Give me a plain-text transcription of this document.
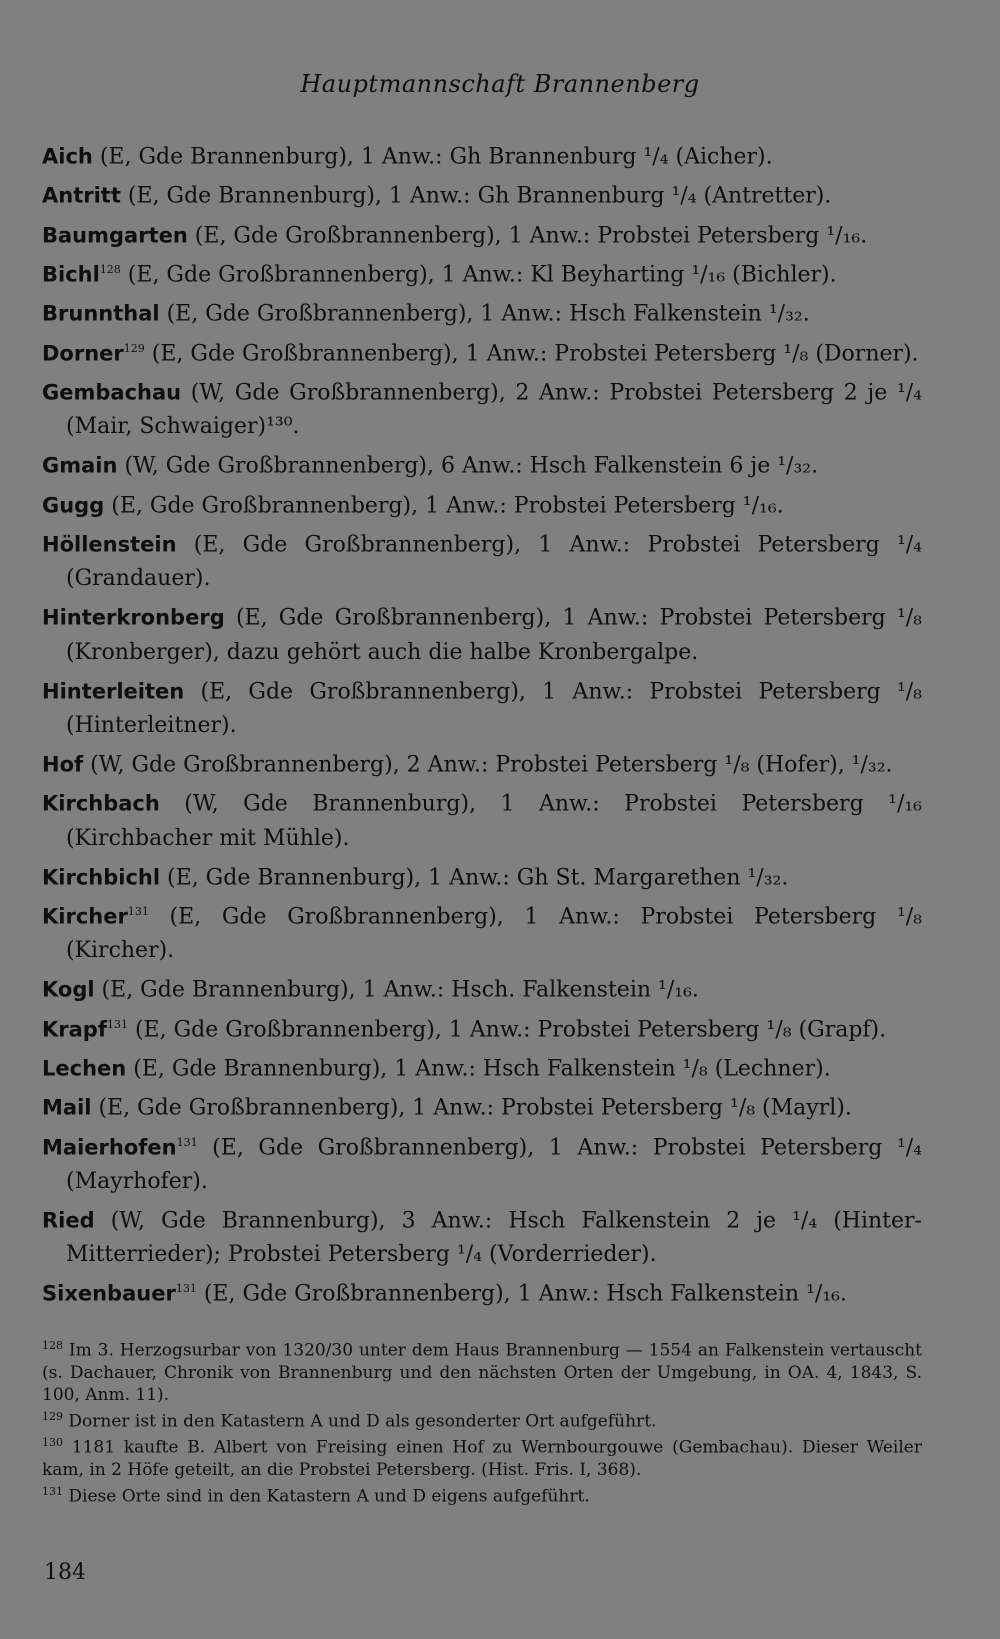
Hauptmannschaft Brannenberg
Aich (E, Gde Brannenburg), 1 Anw.: Gh Brannenburg ¹/₄ (Aicher).
Antritt (E, Gde Brannenburg), 1 Anw.: Gh Brannenburg ¹/₄ (Antretter).
Baumgarten (E, Gde Großbrannenberg), 1 Anw.: Probstei Petersberg ¹/₁₆.
Bichl$^{128}$ (E, Gde Großbrannenberg), 1 Anw.: Kl Beyharting ¹/₁₆ (Bichler).
Brunnthal (E, Gde Großbrannenberg), 1 Anw.: Hsch Falkenstein ¹/₃₂.
Dorner$^{129}$ (E, Gde Großbrannenberg), 1 Anw.: Probstei Petersberg ¹/₈ (Dorner).
Gembachau (W, Gde Großbrannenberg), 2 Anw.: Probstei Petersberg 2 je ¹/₄ (Mair, Schwaiger)¹³⁰.
Gmain (W, Gde Großbrannenberg), 6 Anw.: Hsch Falkenstein 6 je ¹/₃₂.
Gugg (E, Gde Großbrannenberg), 1 Anw.: Probstei Petersberg ¹/₁₆.
Höllenstein (E, Gde Großbrannenberg), 1 Anw.: Probstei Petersberg ¹/₄ (Grandauer).
Hinterkronberg (E, Gde Großbrannenberg), 1 Anw.: Probstei Petersberg ¹/₈ (Kronberger), dazu gehört auch die halbe Kronbergalpe.
Hinterleiten (E, Gde Großbrannenberg), 1 Anw.: Probstei Petersberg ¹/₈ (Hinterleitner).
Hof (W, Gde Großbrannenberg), 2 Anw.: Probstei Petersberg ¹/₈ (Hofer), ¹/₃₂.
Kirchbach (W, Gde Brannenburg), 1 Anw.: Probstei Petersberg ¹/₁₆ (Kirchbacher mit Mühle).
Kirchbichl (E, Gde Brannenburg), 1 Anw.: Gh St. Margarethen ¹/₃₂.
Kircher$^{131}$ (E, Gde Großbrannenberg), 1 Anw.: Probstei Petersberg ¹/₈ (Kircher).
Kogl (E, Gde Brannenburg), 1 Anw.: Hsch. Falkenstein ¹/₁₆.
Krapf$^{131}$ (E, Gde Großbrannenberg), 1 Anw.: Probstei Petersberg ¹/₈ (Grapf).
Lechen (E, Gde Brannenburg), 1 Anw.: Hsch Falkenstein ¹/₈ (Lechner).
Mail (E, Gde Großbrannenberg), 1 Anw.: Probstei Petersberg ¹/₈ (Mayrl).
Maierhofen$^{131}$ (E, Gde Großbrannenberg), 1 Anw.: Probstei Petersberg ¹/₄ (Mayrhofer).
Ried (W, Gde Brannenburg), 3 Anw.: Hsch Falkenstein 2 je ¹/₄ (Hinter-Mitterrieder); Probstei Petersberg ¹/₄ (Vorderrieder).
Sixenbauer$^{131}$ (E, Gde Großbrannenberg), 1 Anw.: Hsch Falkenstein ¹/₁₆.

$^{128}$ Im 3. Herzogsurbar von 1320/30 unter dem Haus Brannenburg — 1554 an Falkenstein vertauscht (s. Dachauer, Chronik von Brannenburg und den nächsten Orten der Umgebung, in OA. 4, 1843, S. 100, Anm. 11).

$^{129}$ Dorner ist in den Katastern A und D als gesonderter Ort aufgeführt.

$^{130}$ 1181 kaufte B. Albert von Freising einen Hof zu Wernbourgouwe (Gembachau). Dieser Weiler kam, in 2 Höfe geteilt, an die Probstei Petersberg. (Hist. Fris. I, 368).

$^{131}$ Diese Orte sind in den Katastern A und D eigens aufgeführt.

184
